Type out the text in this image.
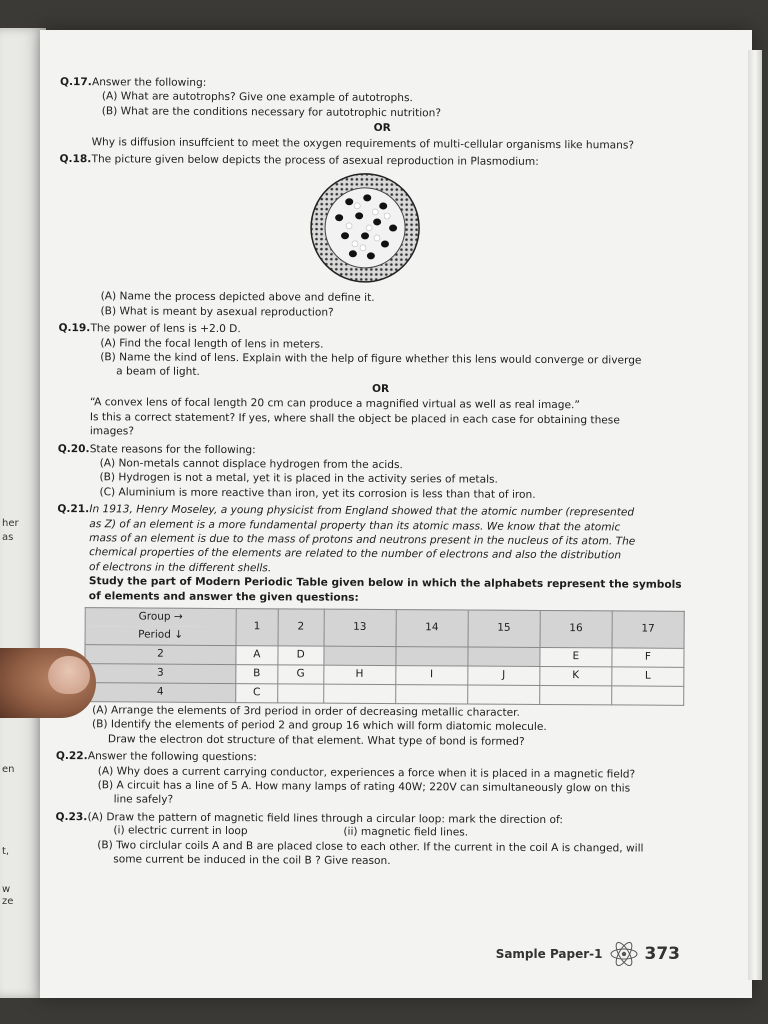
her
as
en
t,
w
ze
Q.17. Answer the following:
(A) What are autotrophs? Give one example of autotrophs.
(B) What are the conditions necessary for autotrophic nutrition?
OR
Why is diffusion insuffcient to meet the oxygen requirements of multi-cellular organisms like humans?
Q.18. The picture given below depicts the process of asexual reproduction in Plasmodium:
(A) Name the process depicted above and define it.
(B) What is meant by asexual reproduction?
Q.19. The power of lens is +2.0 D.
(A) Find the focal length of lens in meters.
(B) Name the kind of lens. Explain with the help of figure whether this lens would converge or diverge
a beam of light.
OR
“A convex lens of focal length 20 cm can produce a magnified virtual as well as real image.”
Is this a correct statement? If yes, where shall the object be placed in each case for obtaining these
images?
Q.20. State reasons for the following:
(A) Non-metals cannot displace hydrogen from the acids.
(B) Hydrogen is not a metal, yet it is placed in the activity series of metals.
(C) Aluminium is more reactive than iron, yet its corrosion is less than that of iron.
Q.21. In 1913, Henry Moseley, a young physicist from England showed that the atomic number (represented
as Z) of an element is a more fundamental property than its atomic mass. We know that the atomic
mass of an element is due to the mass of protons and neutrons present in the nucleus of its atom. The
chemical properties of the elements are related to the number of electrons and also the distribution
of electrons in the different shells.
Study the part of Modern Periodic Table given below in which the alphabets represent the symbols
of elements and answer the given questions:
Group →	1	2	13	14	15	16	17
Period ↓							
2	A	D				E	F
3	B	G	H	I	J	K	L
4	C						
(A) Arrange the elements of 3rd period in order of decreasing metallic character.
(B) Identify the elements of period 2 and group 16 which will form diatomic molecule.
Draw the electron dot structure of that element. What type of bond is formed?
Q.22. Answer the following questions:
(A) Why does a current carrying conductor, experiences a force when it is placed in a magnetic field?
(B) A circuit has a line of 5 A. How many lamps of rating 40W; 220V can simultaneously glow on this
line safely?
Q.23. (A) Draw the pattern of magnetic field lines through a circular loop: mark the direction of:
(i) electric current in loop	(ii) magnetic field lines.
(B) Two circlular coils A and B are placed close to each other. If the current in the coil A is changed, will
some current be induced in the coil B ? Give reason.
Sample Paper-1 373
